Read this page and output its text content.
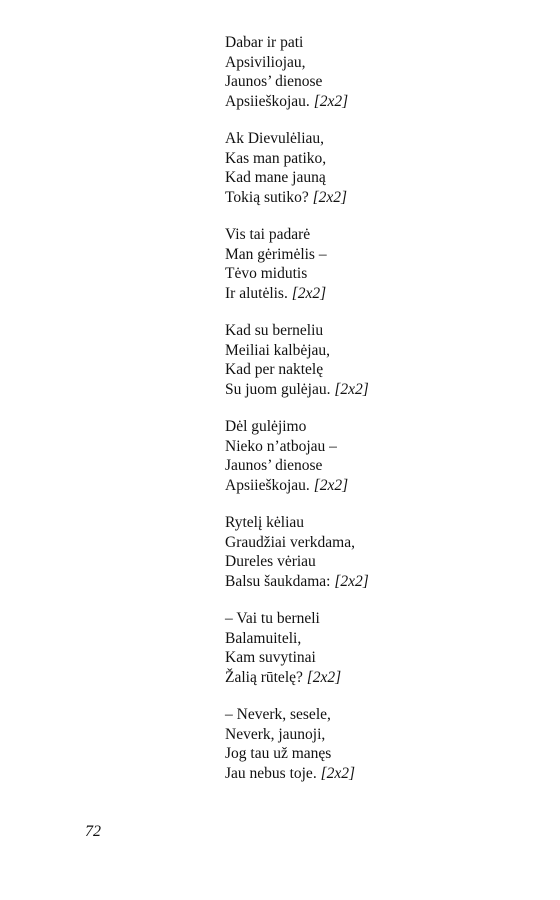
Dabar ir pati
Apsiviliojau,
Jaunos’ dienose
Apsiieškojau. [2x2]
Ak Dievulėliau,
Kas man patiko,
Kad mane jauną
Tokią sutiko? [2x2]
Vis tai padarė
Man gėrimėlis –
Tėvo midutis
Ir alutėlis. [2x2]
Kad su berneliu
Meiliai kalbėjau,
Kad per naktelę
Su juom gulėjau. [2x2]
Dėl gulėjimo
Nieko n’atbojau –
Jaunos’ dienose
Apsiieškojau. [2x2]
Rytelį kėliau
Graudžiai verkdama,
Dureles vėriau
Balsu šaukdama: [2x2]
– Vai tu berneli
Balamuiteli,
Kam suvytinai
Žalią rūtelę? [2x2]
– Neverk, sesele,
Neverk, jaunoji,
Jog tau už manęs
Jau nebus toje. [2x2]
72
